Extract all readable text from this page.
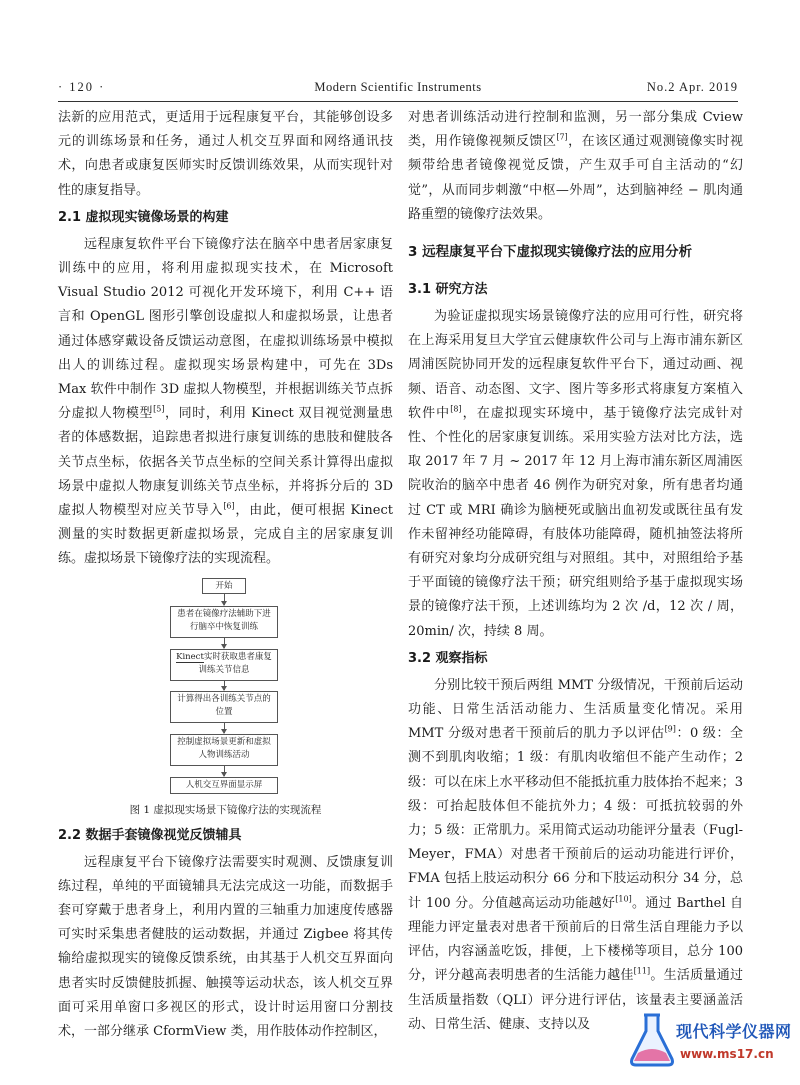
· 120 ·	Modern Scientific Instruments	No.2 Apr. 2019
法新的应用范式，更适用于远程康复平台，其能够创设多元的训练场景和任务，通过人机交互界面和网络通讯技术，向患者或康复医师实时反馈训练效果，从而实现针对性的康复指导。
2.1 虚拟现实镜像场景的构建
远程康复软件平台下镜像疗法在脑卒中患者居家康复训练中的应用，将利用虚拟现实技术，在 Microsoft Visual Studio 2012 可视化开发环境下，利用 C++ 语言和 OpenGL 图形引擎创设虚拟人和虚拟场景，让患者通过体感穿戴设备反馈运动意图，在虚拟训练场景中模拟出人的训练过程。虚拟现实场景构建中，可先在 3Ds Max 软件中制作 3D 虚拟人物模型，并根据训练关节点拆分虚拟人物模型[5]，同时，利用 Kinect 双目视觉测量患者的体感数据，追踪患者拟进行康复训练的患肢和健肢各关节点坐标，依据各关节点坐标的空间关系计算得出虚拟场景中虚拟人物康复训练关节点坐标，并将拆分后的 3D 虚拟人物模型对应关节导入[6]，由此，便可根据 Kinect 测量的实时数据更新虚拟场景，完成自主的居家康复训练。虚拟场景下镜像疗法的实现流程。
开始
患者在镜像疗法辅助下进行脑卒中恢复训练
Kinect实时获取患者康复训练关节信息
计算得出各训练关节点的位置
控制虚拟场景更新和虚拟人物训练活动
人机交互界面显示屏
图 1 虚拟现实场景下镜像疗法的实现流程
2.2 数据手套镜像视觉反馈辅具
远程康复平台下镜像疗法需要实时观测、反馈康复训练过程，单纯的平面镜辅具无法完成这一功能，而数据手套可穿戴于患者身上，利用内置的三轴重力加速度传感器可实时采集患者健肢的运动数据，并通过 Zigbee 将其传输给虚拟现实的镜像反馈系统，由其基于人机交互界面向患者实时反馈健肢抓握、触摸等运动状态，该人机交互界面可采用单窗口多视区的形式，设计时运用窗口分割技术，一部分继承 CformView 类，用作肢体动作控制区，
对患者训练活动进行控制和监测，另一部分集成 Cview 类，用作镜像视频反馈区[7]，在该区通过观测镜像实时视频带给患者镜像视觉反馈，产生双手可自主活动的“幻觉”，从而同步刺激“中枢—外周”，达到脑神经 − 肌肉通路重塑的镜像疗法效果。
3 远程康复平台下虚拟现实镜像疗法的应用分析
3.1 研究方法
为验证虚拟现实场景镜像疗法的应用可行性，研究将在上海采用复旦大学宜云健康软件公司与上海市浦东新区周浦医院协同开发的远程康复软件平台下，通过动画、视频、语音、动态图、文字、图片等多形式将康复方案植入软件中[8]，在虚拟现实环境中，基于镜像疗法完成针对性、个性化的居家康复训练。采用实验方法对比方法，选取 2017 年 7 月 ~ 2017 年 12 月上海市浦东新区周浦医院收治的脑卒中患者 46 例作为研究对象，所有患者均通过 CT 或 MRI 确诊为脑梗死或脑出血初发或既往虽有发作未留神经功能障碍，有肢体功能障碍，随机抽签法将所有研究对象均分成研究组与对照组。其中，对照组给予基于平面镜的镜像疗法干预；研究组则给予基于虚拟现实场景的镜像疗法干预，上述训练均为 2 次 /d，12 次 / 周，20min/ 次，持续 8 周。
3.2 观察指标
分别比较干预后两组 MMT 分级情况，干预前后运动功能、日常生活活动能力、生活质量变化情况。采用 MMT 分级对患者干预前后的肌力予以评估[9]：0 级：全测不到肌肉收缩；1 级：有肌肉收缩但不能产生动作；2 级：可以在床上水平移动但不能抵抗重力肢体抬不起来；3 级：可抬起肢体但不能抗外力；4 级：可抵抗较弱的外力；5 级：正常肌力。采用简式运动功能评分量表（Fugl-Meyer，FMA）对患者干预前后的运动功能进行评价，FMA 包括上肢运动积分 66 分和下肢运动积分 34 分，总计 100 分。分值越高运动功能越好[10]。通过 Barthel 自理能力评定量表对患者干预前后的日常生活自理能力予以评估，内容涵盖吃饭，排便，上下楼梯等项目，总分 100 分，评分越高表明患者的生活能力越佳[11]。生活质量通过生活质量指数（QLI）评分进行评估，该量表主要涵盖活动、日常生活、健康、支持以及	现代科学仪器网
www.ms17.cn
